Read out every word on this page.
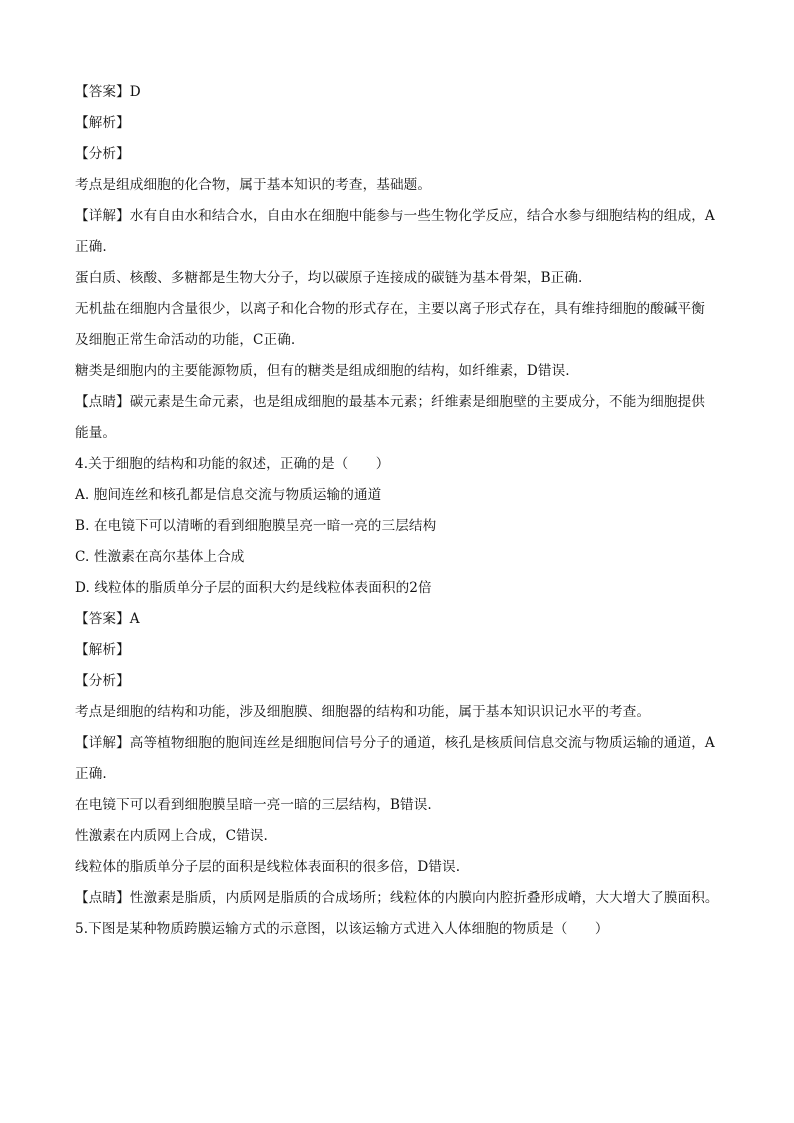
【答案】D
【解析】
【分析】
考点是组成细胞的化合物，属于基本知识的考查，基础题。
【详解】水有自由水和结合水，自由水在细胞中能参与一些生物化学反应，结合水参与细胞结构的组成，A
正确.
蛋白质、核酸、多糖都是生物大分子，均以碳原子连接成的碳链为基本骨架，B正确.
无机盐在细胞内含量很少，以离子和化合物的形式存在，主要以离子形式存在，具有维持细胞的酸碱平衡
及细胞正常生命活动的功能，C正确.
糖类是细胞内的主要能源物质，但有的糖类是组成细胞的结构，如纤维素，D错误.
【点睛】碳元素是生命元素，也是组成细胞的最基本元素；纤维素是细胞壁的主要成分，不能为细胞提供
能量。
4.关于细胞的结构和功能的叙述，正确的是（　　）
A. 胞间连丝和核孔都是信息交流与物质运输的通道
B. 在电镜下可以清晰的看到细胞膜呈亮一暗一亮的三层结构
C. 性激素在高尔基体上合成
D. 线粒体的脂质单分子层的面积大约是线粒体表面积的2倍
【答案】A
【解析】
【分析】
考点是细胞的结构和功能，涉及细胞膜、细胞器的结构和功能，属于基本知识识记水平的考查。
【详解】高等植物细胞的胞间连丝是细胞间信号分子的通道，核孔是核质间信息交流与物质运输的通道，A
正确.
在电镜下可以看到细胞膜呈暗一亮一暗的三层结构，B错误.
性激素在内质网上合成，C错误.
线粒体的脂质单分子层的面积是线粒体表面积的很多倍，D错误.
【点睛】性激素是脂质，内质网是脂质的合成场所；线粒体的内膜向内腔折叠形成嵴，大大增大了膜面积。
5.下图是某种物质跨膜运输方式的示意图，以该运输方式进入人体细胞的物质是（　　）
